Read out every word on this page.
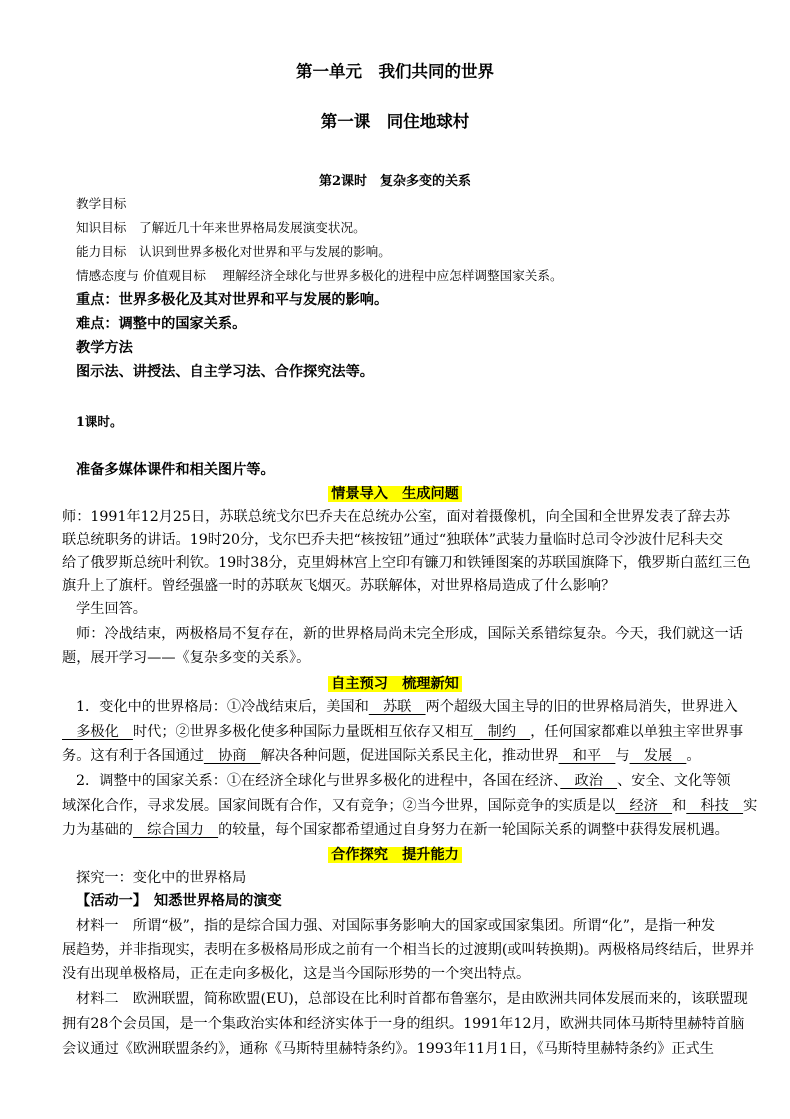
第一单元　我们共同的世界
第一课　同住地球村
第2课时　复杂多变的关系
教学目标
知识目标　了解近几十年来世界格局发展演变状况。
能力目标　认识到世界多极化对世界和平与发展的影响。
情感态度与 价值观目标　 理解经济全球化与世界多极化的进程中应怎样调整国家关系。
重点：世界多极化及其对世界和平与发展的影响。
难点：调整中的国家关系。
教学方法
图示法、讲授法、自主学习法、合作探究法等。
1课时。
准备多媒体课件和相关图片等。
情景导入　生成问题
师：1991年12月25日，苏联总统戈尔巴乔夫在总统办公室，面对着摄像机，向全国和全世界发表了辞去苏
联总统职务的讲话。19时20分，戈尔巴乔夫把“核按钮”通过“独联体”武装力量临时总司令沙波什尼科夫交
给了俄罗斯总统叶利钦。19时38分，克里姆林宫上空印有镰刀和铁锤图案的苏联国旗降下，俄罗斯白蓝红三色
旗升上了旗杆。曾经强盛一时的苏联灰飞烟灭。苏联解体，对世界格局造成了什么影响？
学生回答。
师：冷战结束，两极格局不复存在，新的世界格局尚未完全形成，国际关系错综复杂。今天，我们就这一话
题，展开学习——《复杂多变的关系》。
自主预习　梳理新知
1．变化中的世界格局：①冷战结束后，美国和　苏联　两个超级大国主导的旧的世界格局消失，世界进入
　多极化　时代；②世界多极化使多种国际力量既相互依存又相互　制约　，任何国家都难以单独主宰世界事
务。这有利于各国通过　协商　解决各种问题，促进国际关系民主化，推动世界　和平　与　发展　。
2．调整中的国家关系：①在经济全球化与世界多极化的进程中，各国在经济、　政治　、安全、文化等领
域深化合作，寻求发展。国家间既有合作，又有竞争；②当今世界，国际竞争的实质是以　经济　和　科技　实
力为基础的　综合国力　的较量，每个国家都希望通过自身努力在新一轮国际关系的调整中获得发展机遇。
合作探究　提升能力
探究一：变化中的世界格局
【活动一】　知悉世界格局的演变
材料一　所谓“极”，指的是综合国力强、对国际事务影响大的国家或国家集团。所谓“化”，是指一种发
展趋势，并非指现实，表明在多极格局形成之前有一个相当长的过渡期(或叫转换期)。两极格局终结后，世界并
没有出现单极格局，正在走向多极化，这是当今国际形势的一个突出特点。
材料二　欧洲联盟，简称欧盟(EU)，总部设在比利时首都布鲁塞尔，是由欧洲共同体发展而来的，该联盟现
拥有28个会员国，是一个集政治实体和经济实体于一身的组织。1991年12月，欧洲共同体马斯特里赫特首脑
会议通过《欧洲联盟条约》，通称《马斯特里赫特条约》。1993年11月1日，《马斯特里赫特条约》正式生
